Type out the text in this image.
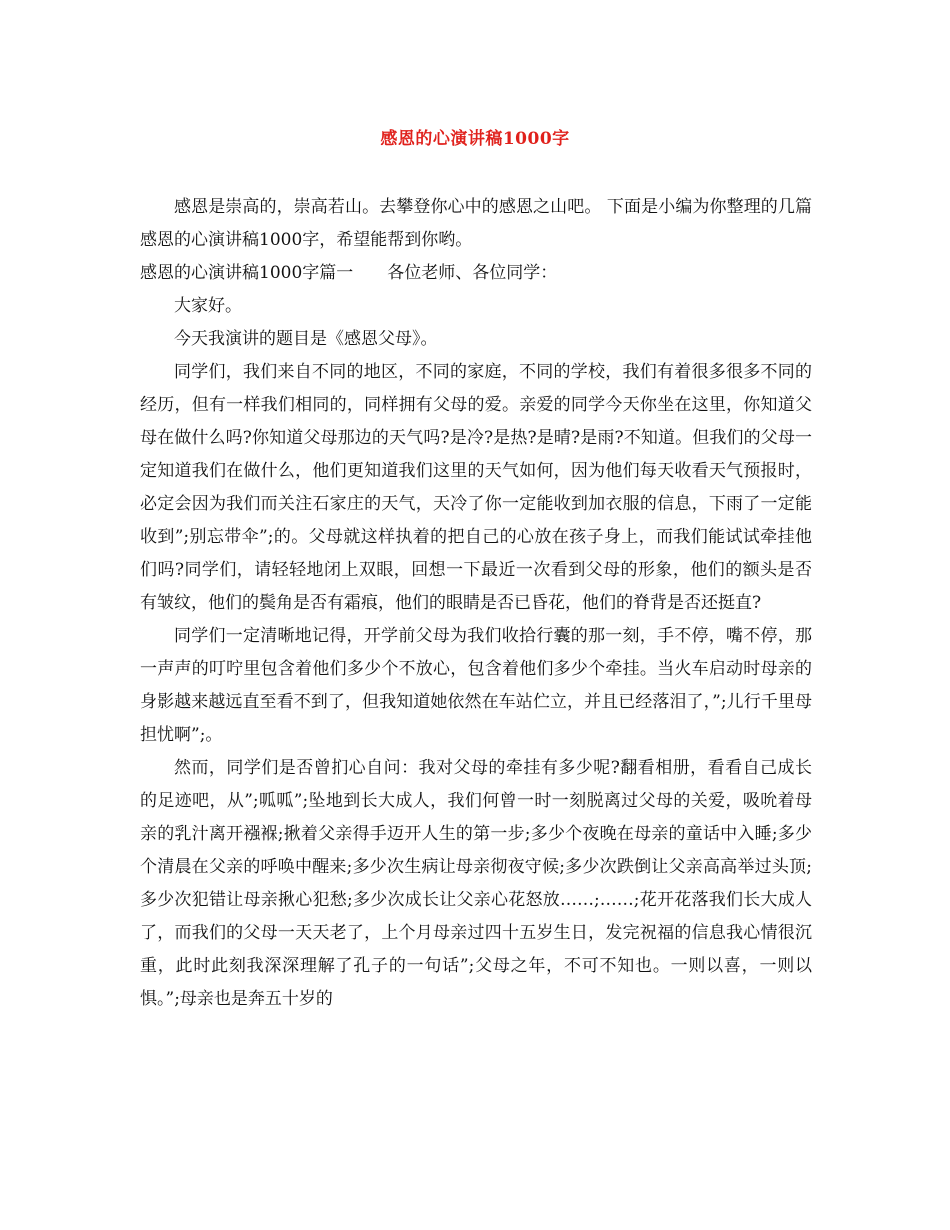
感恩的心演讲稿1000字

感恩是崇高的，崇高若山。去攀登你心中的感恩之山吧。 下面是小编为你整理的几篇感恩的心演讲稿1000字，希望能帮到你哟。

感恩的心演讲稿1000字篇一 各位老师、各位同学：

大家好。

今天我演讲的题目是《感恩父母》。

同学们，我们来自不同的地区，不同的家庭，不同的学校，我们有着很多很多不同的经历，但有一样我们相同的，同样拥有父母的爱。亲爱的同学今天你坐在这里，你知道父母在做什么吗?你知道父母那边的天气吗?是冷?是热?是晴?是雨?不知道。但我们的父母一定知道我们在做什么，他们更知道我们这里的天气如何，因为他们每天收看天气预报时，必定会因为我们而关注石家庄的天气，天冷了你一定能收到加衣服的信息，下雨了一定能收到”;别忘带伞”;的。父母就这样执着的把自己的心放在孩子身上，而我们能试试牵挂他们吗?同学们，请轻轻地闭上双眼，回想一下最近一次看到父母的形象，他们的额头是否有皱纹，他们的鬓角是否有霜痕，他们的眼睛是否已昏花，他们的脊背是否还挺直?

同学们一定清晰地记得，开学前父母为我们收拾行囊的那一刻，手不停，嘴不停，那一声声的叮咛里包含着他们多少个不放心，包含着他们多少个牵挂。当火车启动时母亲的身影越来越远直至看不到了，但我知道她依然在车站伫立，并且已经落泪了，”;儿行千里母担忧啊”;。

然而，同学们是否曾扪心自问：我对父母的牵挂有多少呢?翻看相册，看看自己成长的足迹吧，从”;呱呱”;坠地到长大成人，我们何曾一时一刻脱离过父母的关爱，吸吮着母亲的乳汁离开襁褓;揪着父亲得手迈开人生的第一步;多少个夜晚在母亲的童话中入睡;多少个清晨在父亲的呼唤中醒来;多少次生病让母亲彻夜守候;多少次跌倒让父亲高高举过头顶;多少次犯错让母亲揪心犯愁;多少次成长让父亲心花怒放……;……;花开花落我们长大成人了，而我们的父母一天天老了，上个月母亲过四十五岁生日，发完祝福的信息我心情很沉重，此时此刻我深深理解了孔子的一句话”;父母之年，不可不知也。一则以喜，一则以惧。”;母亲也是奔五十岁的
